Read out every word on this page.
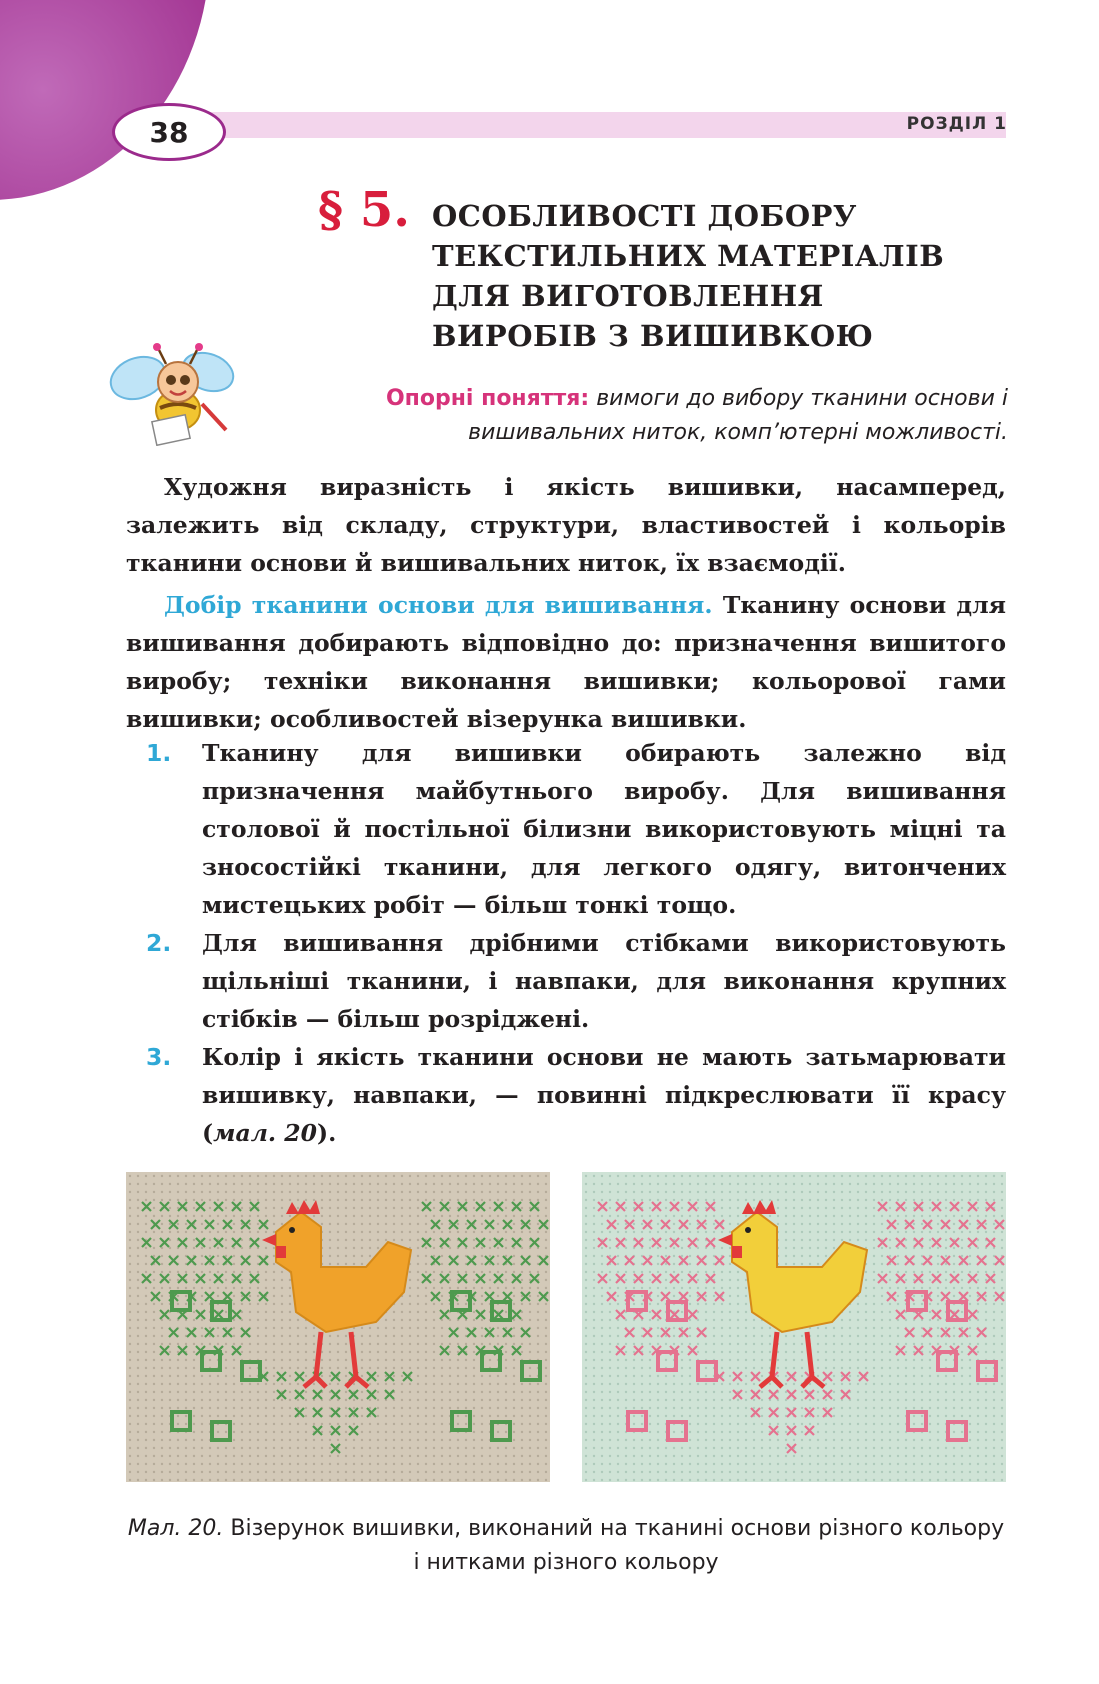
38	РОЗДІЛ 1
§ 5. ОСОБЛИВОСТІ ДОБОРУ
ТЕКСТИЛЬНИХ МАТЕРІАЛІВ
ДЛЯ ВИГОТОВЛЕННЯ
ВИРОБІВ З ВИШИВКОЮ
Опорні поняття: вимоги до вибору тканини основи і вишивальних ниток, комп’ютерні можливості.

Художня виразність і якість вишивки, насамперед, залежить від складу, структури, властивостей і кольорів тканини основи й вишивальних ниток, їх взаємодії.

Добір тканини основи для вишивання. Тканину основи для вишивання добирають відповідно до: призначення вишитого виробу; техніки виконання вишивки; кольорової гами вишивки; особливостей візерунка вишивки.

1. Тканину для вишивки обирають залежно від призначення майбутнього виробу. Для вишивання столової й постільної білизни використовують міцні та зносостійкі тканини, для легкого одягу, витончених мистецьких робіт — більш тонкі тощо.
2. Для вишивання дрібними стібками використовують щільніші тканини, і навпаки, для виконання крупних стібків — більш розріджені.
3. Колір і якість тканини основи не мають затьмарювати вишивку, навпаки, — повинні підкреслювати її красу (мал. 20).
Мал. 20. Візерунок вишивки, виконаний на тканині основи різного кольору і нитками різного кольору
